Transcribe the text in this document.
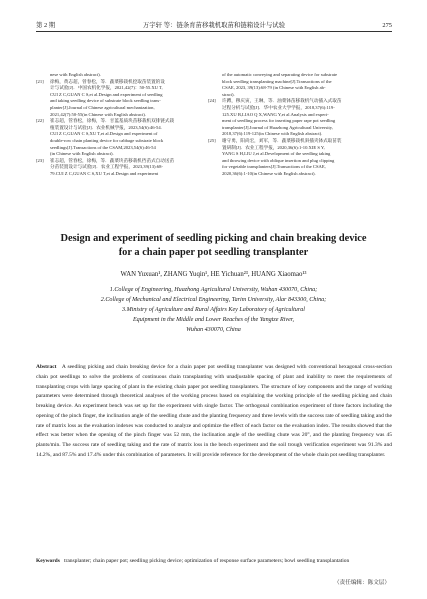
第 2 期	万宇轩 等：链条育苗移栽机取苗和链箱设计与试验	275
nese with English abstract).
[21] 徐梅，黄志超，曾春松，等．蔬菜移栽机挖取苗装置的设
计与试验[J]．中国农机化学报，2021,42(7)：50-55.XU T,
CUI Z C,GUAN C S,et al.Design and experiment of seedling
and taking seedling device of substrate block seedling trans-
planter[J].Journal of Chinese agricultural mechanization,
2021,42(7):50-55(in Chinese with English abstract).
[22] 崔志超，管春松，徐梅，等．甘蓝基质块苗移栽机双排链式栽
植装置设计与试验[J]．农业机械学报，2023,54(6):46-54.
CUI Z C,GUAN C S,XU T,et al.Design and experiment of
double-row chain planting device for cabbage substrate block
seedlings[J].Transactions of the CSAM,2023,54(6):46-54
(in Chinese with English abstract).
[23] 崔志超，管春松，徐梅，等．蔬菜块苗移栽机挡苗式自动送苗
分苗装置设计与试验[J]．农业工程学报，2023,39(13):68-
79.CUI Z C,GUAN C S,XU T,et al.Design and experiment
of the automatic conveying and separating device for substrate
block seedling transplanting machine[J].Transactions of the
CSAE, 2023, 39(13):68-79 (in Chinese with English ab-
stract).
[24] 许蹲，穆庆寅，王琳，等．油菜钵苗移栽机气动插入式取苗
过程分析与试验[J]．华中农业大学学报，2018,37(6):119-
125.XU B,LIAO Q X,WANG Y,et al.Analysis and experi-
ment of seedling process for inserting paper rape pot seedling
transplanter[J].Journal of Huazhong Agricultural University,
2018,37(6):119-125(in Chinese with English abstract).
[25] 谢守勇，阳尚宏，刘军，等．蔬菜移栽机斜插夹钵式取苗装
置研制[J]．农业工程学报，2020,36(6):1-10.XIE S Y,
YANG S H,LIU J,et al.Development of the seedling taking
and throwing device with oblique insertion and plug clipping
for vegetable transplanters[J].Transactions of the CSAE,
2020,36(6):1-10(in Chinese with English abstract).
Design and experiment of seedling picking and chain breaking device
for a chain paper pot seedling transplanter
WAN Yuxuan¹, ZHANG Yuqin¹, HE Yichuan²³, HUANG Xiaomao¹³
1.College of Engineering, Huazhong Agricultural University, Wuhan 430070, China;
2.College of Mechanical and Electrical Engineering, Tarim University, Alar 843300, China;
3.Ministry of Agriculture and Rural Affairs Key Laboratory of Agricultural
Equipment in the Middle and Lower Reaches of the Yangtze River,
Wuhan 430070, China
Abstract A seedling picking and chain breaking device for a chain paper pot seedling transplanter was designed with conventional hexagonal cross-section chain pot seedlings to solve the problems of continuous chain transplanting with unadjustable spacing of plant and inability to meet the requirements of transplanting crops with large spacing of plant in the existing chain paper pot seedling transplanters. The structure of key components and the range of working parameters were determined through theoretical analyses of the working process based on explaining the working principle of the seedling picking and chain breaking device. An experiment bench was set up for the experiment with single factor. The orthogonal combination experiment of three factors including the opening of the pinch finger, the inclination angle of the seedling chute and the planting frequency and three levels with the success rate of seedling taking and the rate of matrix loss as the evaluation indexes was conducted to analyze and optimize the effect of each factor on the evaluation index. The results showed that the effect was better when the opening of the pinch finger was 52 mm, the inclination angle of the seedling chute was 20°, and the planting frequency was 45 plants/min. The success rate of seedling taking and the rate of matrix loss in the bench experiment and the soil trough verification experiment was 91.3% and 14.2%, and 87.5% and 17.4% under this combination of parameters. It will provide reference for the development of the whole chain pot seedling transplanter.
Keywords transplanter; chain paper pot; seedling picking device; optimization of response surface parameters; bowl seedling transplantation
（责任编辑：陈文层）
